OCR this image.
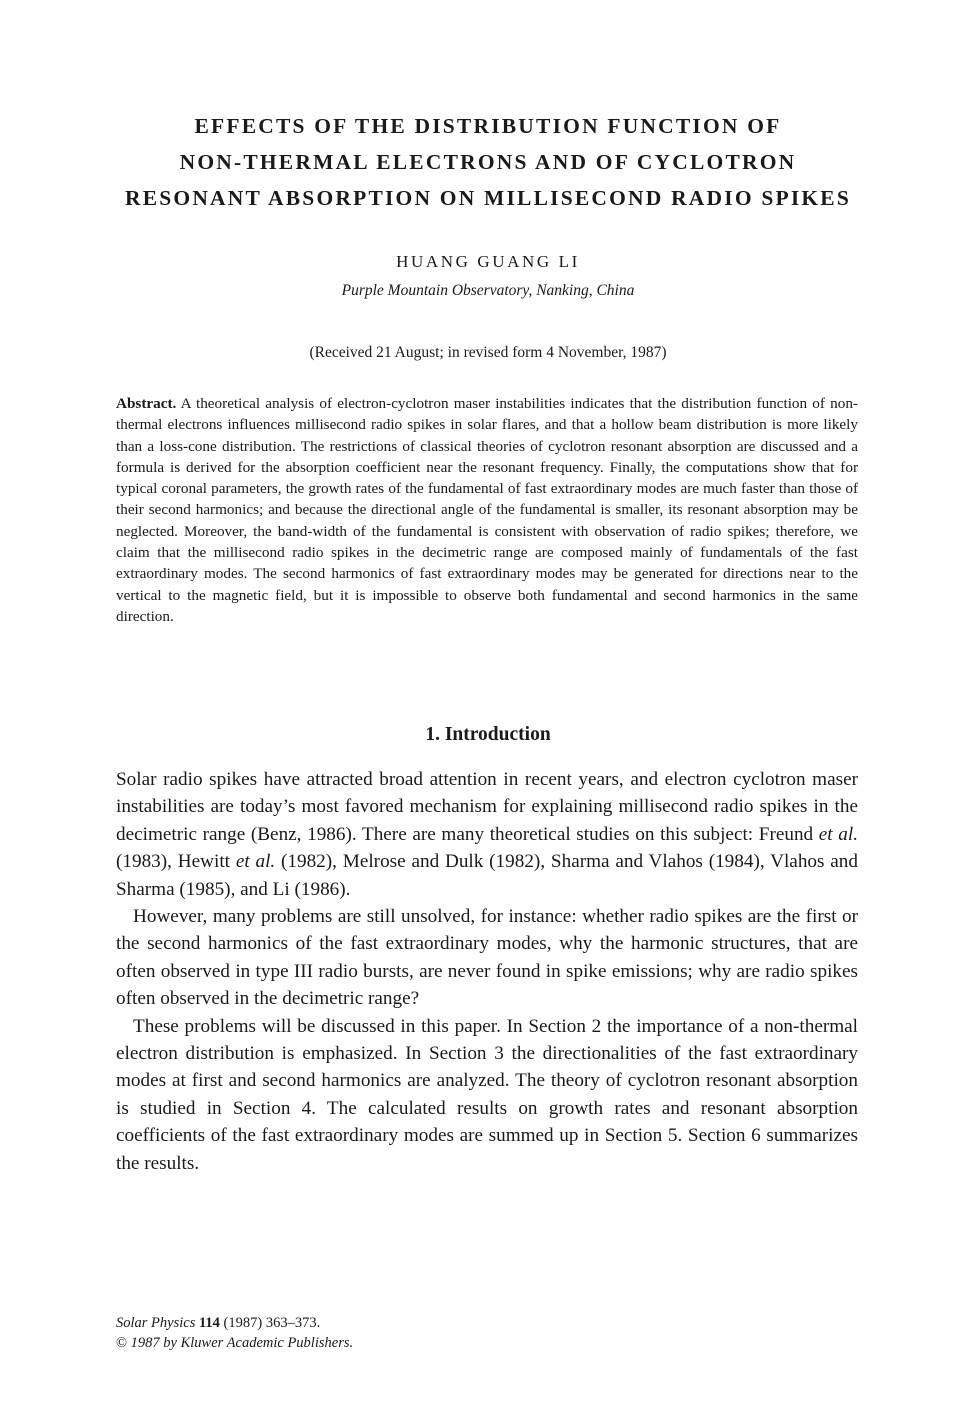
EFFECTS OF THE DISTRIBUTION FUNCTION OF
NON-THERMAL ELECTRONS AND OF CYCLOTRON
RESONANT ABSORPTION ON MILLISECOND RADIO SPIKES
HUANG GUANG LI
Purple Mountain Observatory, Nanking, China
(Received 21 August; in revised form 4 November, 1987)
Abstract. A theoretical analysis of electron-cyclotron maser instabilities indicates that the distribution function of non-thermal electrons influences millisecond radio spikes in solar flares, and that a hollow beam distribution is more likely than a loss-cone distribution. The restrictions of classical theories of cyclotron resonant absorption are discussed and a formula is derived for the absorption coefficient near the resonant frequency. Finally, the computations show that for typical coronal parameters, the growth rates of the fundamental of fast extraordinary modes are much faster than those of their second harmonics; and because the directional angle of the fundamental is smaller, its resonant absorption may be neglected. Moreover, the band-width of the fundamental is consistent with observation of radio spikes; therefore, we claim that the millisecond radio spikes in the decimetric range are composed mainly of fundamentals of the fast extraordinary modes. The second harmonics of fast extraordinary modes may be generated for directions near to the vertical to the magnetic field, but it is impossible to observe both fundamental and second harmonics in the same direction.
1. Introduction

Solar radio spikes have attracted broad attention in recent years, and electron cyclotron maser instabilities are today’s most favored mechanism for explaining millisecond radio spikes in the decimetric range (Benz, 1986). There are many theoretical studies on this subject: Freund et al. (1983), Hewitt et al. (1982), Melrose and Dulk (1982), Sharma and Vlahos (1984), Vlahos and Sharma (1985), and Li (1986).

However, many problems are still unsolved, for instance: whether radio spikes are the first or the second harmonics of the fast extraordinary modes, why the harmonic structures, that are often observed in type III radio bursts, are never found in spike emissions; why are radio spikes often observed in the decimetric range?

These problems will be discussed in this paper. In Section 2 the importance of a non-thermal electron distribution is emphasized. In Section 3 the directionalities of the fast extraordinary modes at first and second harmonics are analyzed. The theory of cyclotron resonant absorption is studied in Section 4. The calculated results on growth rates and resonant absorption coefficients of the fast extraordinary modes are summed up in Section 5. Section 6 summarizes the results.

Solar Physics 114 (1987) 363–373.
© 1987 by Kluwer Academic Publishers.
